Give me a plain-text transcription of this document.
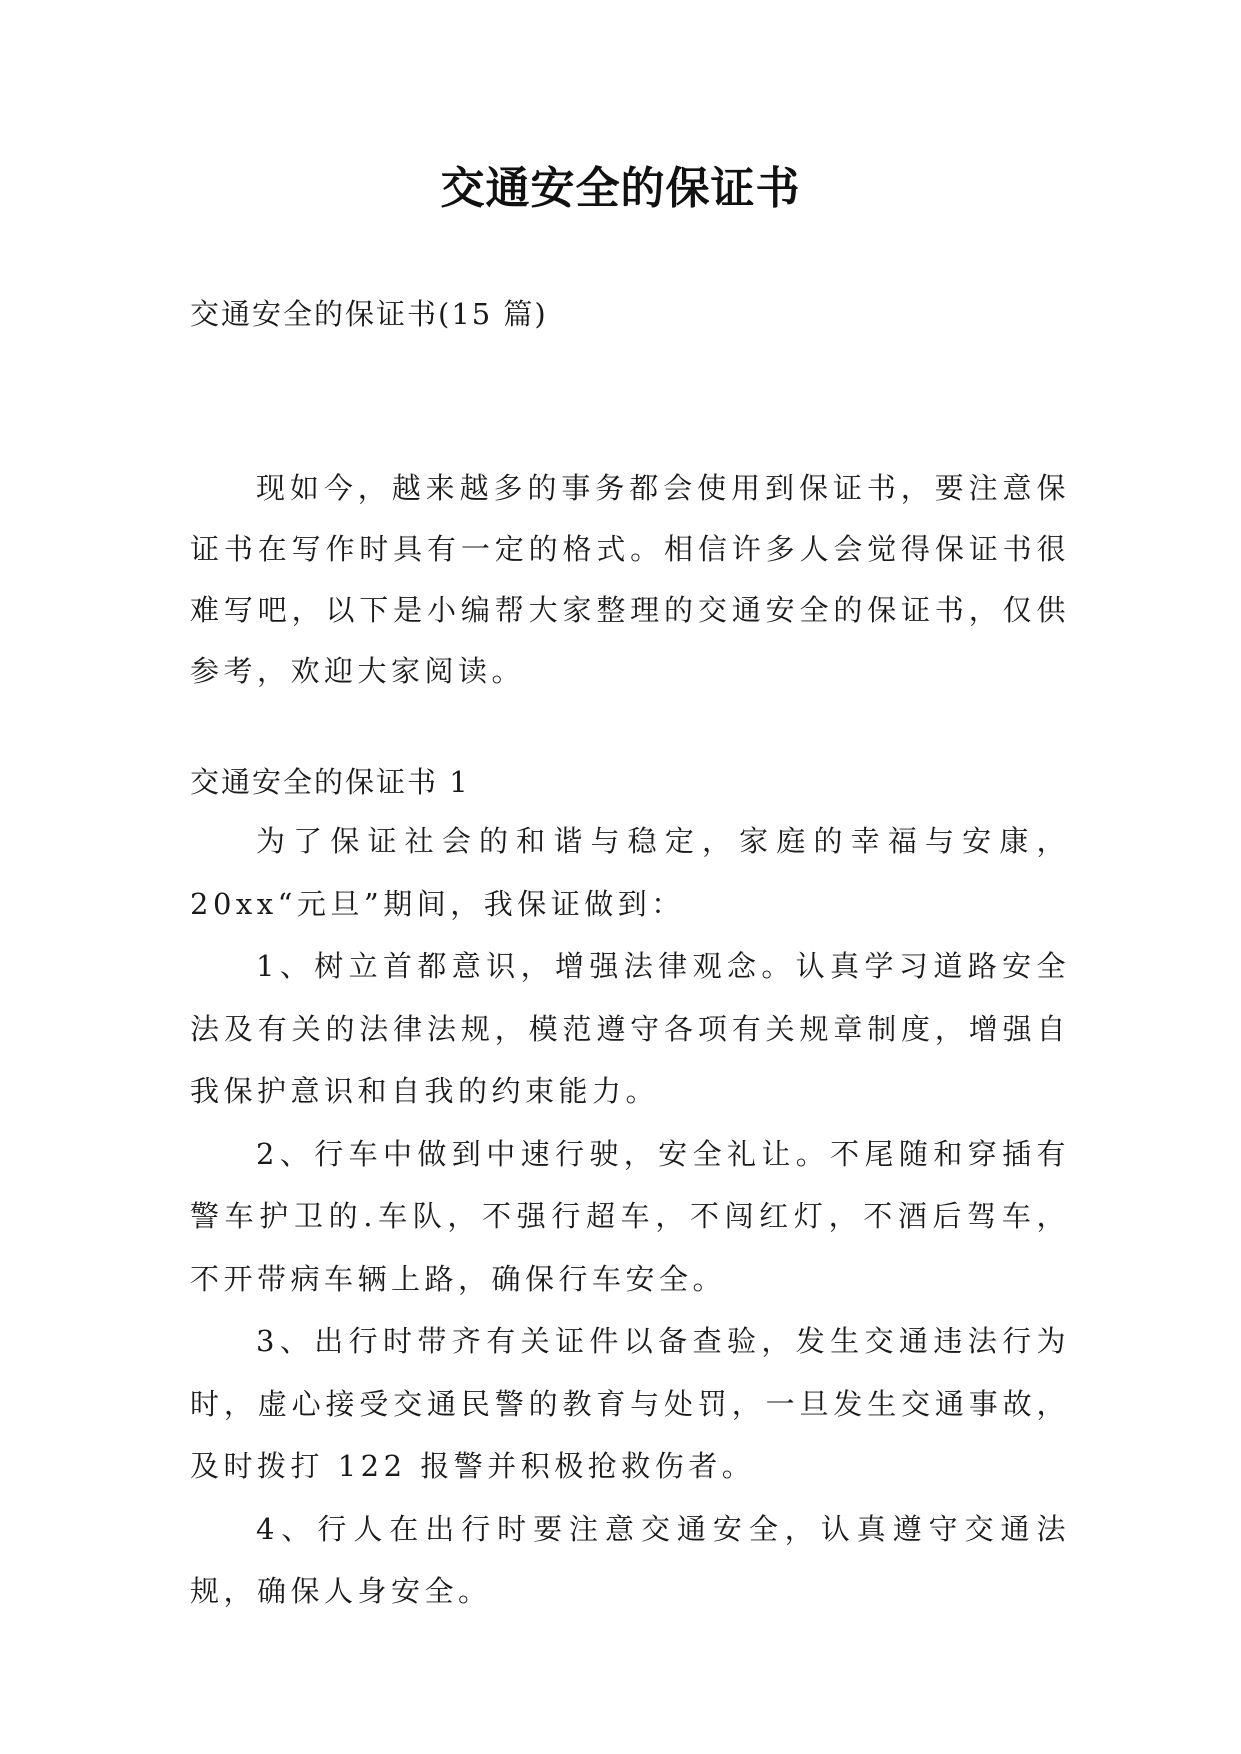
交通安全的保证书
交通安全的保证书(15 篇)
现如今，越来越多的事务都会使用到保证书，要注意保证书在写作时具有一定的格式。相信许多人会觉得保证书很难写吧，以下是小编帮大家整理的交通安全的保证书，仅供参考，欢迎大家阅读。
交通安全的保证书 1

为了保证社会的和谐与稳定，家庭的幸福与安康，20xx“元旦”期间，我保证做到：

1、树立首都意识，增强法律观念。认真学习道路安全法及有关的法律法规，模范遵守各项有关规章制度，增强自我保护意识和自我的约束能力。

2、行车中做到中速行驶，安全礼让。不尾随和穿插有警车护卫的.车队，不强行超车，不闯红灯，不酒后驾车，不开带病车辆上路，确保行车安全。

3、出行时带齐有关证件以备查验，发生交通违法行为时，虚心接受交通民警的教育与处罚，一旦发生交通事故，及时拨打 122 报警并积极抢救伤者。

4、行人在出行时要注意交通安全，认真遵守交通法规，确保人身安全。
